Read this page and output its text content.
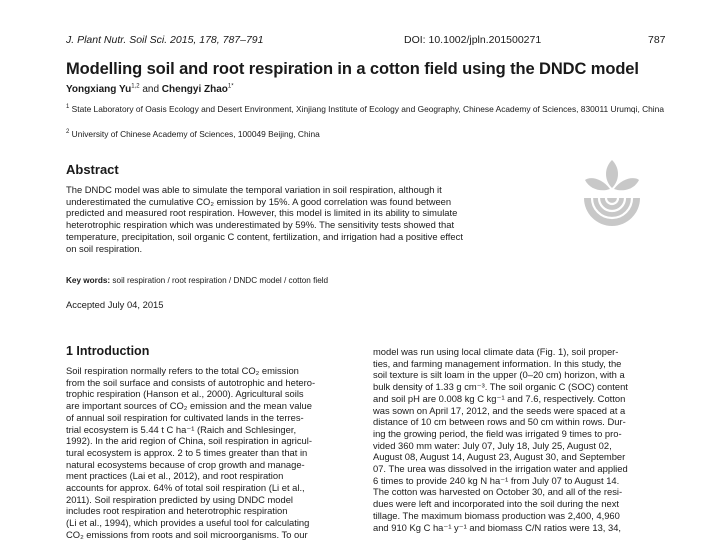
J. Plant Nutr. Soil Sci. 2015, 178, 787–791	DOI: 10.1002/jpln.201500271	787
Modelling soil and root respiration in a cotton field using the DNDC model
Yongxiang Yu$^{1,2}$ and Chengyi Zhao$^{1*}$
$^1$ State Laboratory of Oasis Ecology and Desert Environment, Xinjiang Institute of Ecology and Geography, Chinese Academy of Sciences, 830011 Urumqi, China
$^2$ University of Chinese Academy of Sciences, 100049 Beijing, China
Abstract
The DNDC model was able to simulate the temporal variation in soil respiration, although it
underestimated the cumulative CO₂ emission by 15%. A good correlation was found between
predicted and measured root respiration. However, this model is limited in its ability to simulate
heterotrophic respiration which was underestimated by 59%. The sensitivity tests showed that
temperature, precipitation, soil organic C content, fertilization, and irrigation had a positive effect
on soil respiration.
Key words: soil respiration / root respiration / DNDC model / cotton field
Accepted July 04, 2015
1 Introduction
Soil respiration normally refers to the total CO₂ emission
from the soil surface and consists of autotrophic and hetero-
trophic respiration (Hanson et al., 2000). Agricultural soils
are important sources of CO₂ emission and the mean value
of annual soil respiration for cultivated lands in the terres-
trial ecosystem is 5.44 t C ha⁻¹ (Raich and Schlesinger,
1992). In the arid region of China, soil respiration in agricul-
tural ecosystem is approx. 2 to 5 times greater than that in
natural ecosystems because of crop growth and manage-
ment practices (Lai et al., 2012), and root respiration
accounts for approx. 64% of total soil respiration (Li et al.,
2011). Soil respiration predicted by using DNDC model
includes root respiration and heterotrophic respiration
(Li et al., 1994), which provides a useful tool for calculating
CO₂ emissions from roots and soil microorganisms. To our
model was run using local climate data (Fig. 1), soil proper-
ties, and farming management information. In this study, the
soil texture is silt loam in the upper (0–20 cm) horizon, with a
bulk density of 1.33 g cm⁻³. The soil organic C (SOC) content
and soil pH are 0.008 kg C kg⁻¹ and 7.6, respectively. Cotton
was sown on April 17, 2012, and the seeds were spaced at a
distance of 10 cm between rows and 50 cm within rows. Dur-
ing the growing period, the field was irrigated 9 times to pro-
vided 360 mm water: July 07, July 18, July 25, August 02,
August 08, August 14, August 23, August 30, and September
07. The urea was dissolved in the irrigation water and applied
6 times to provide 240 kg N ha⁻¹ from July 07 to August 14.
The cotton was harvested on October 30, and all of the resi-
dues were left and incorporated into the soil during the next
tillage. The maximum biomass production was 2,400, 4,960
and 910 Kg C ha⁻¹ y⁻¹ and biomass C/N ratios were 13, 34,
